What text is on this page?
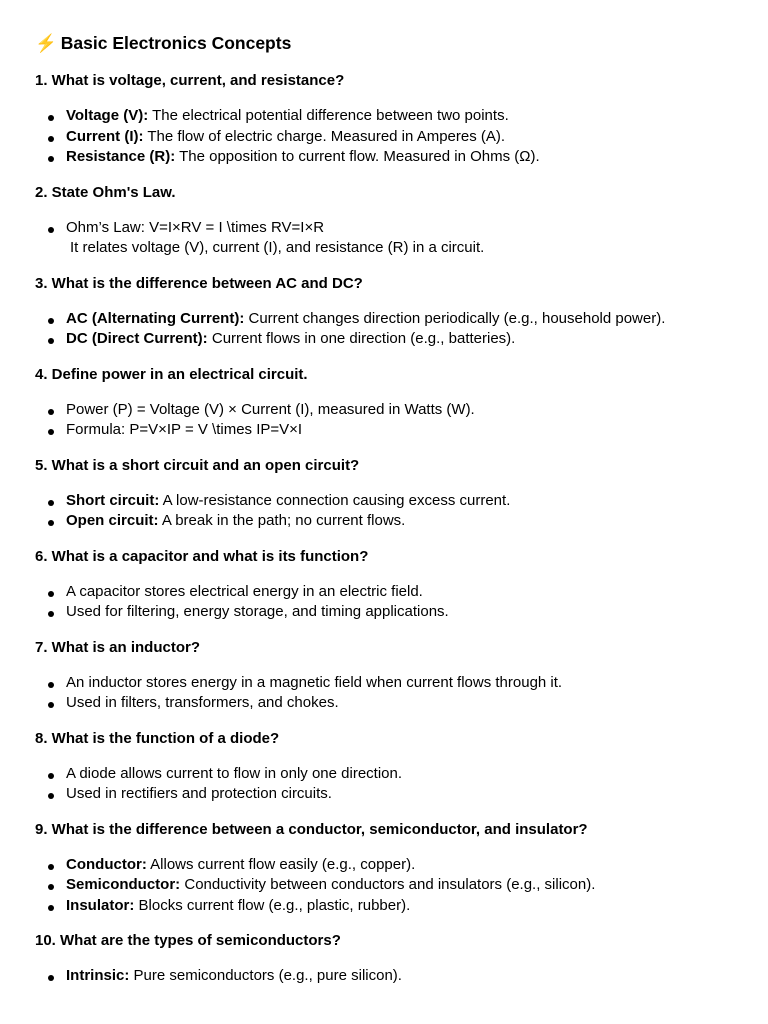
⚡ Basic Electronics Concepts
1. What is voltage, current, and resistance?
Voltage (V): The electrical potential difference between two points.
Current (I): The flow of electric charge. Measured in Amperes (A).
Resistance (R): The opposition to current flow. Measured in Ohms (Ω).
2. State Ohm's Law.
Ohm’s Law: V=I×RV = I \times RV=I×R
It relates voltage (V), current (I), and resistance (R) in a circuit.
3. What is the difference between AC and DC?
AC (Alternating Current): Current changes direction periodically (e.g., household power).
DC (Direct Current): Current flows in one direction (e.g., batteries).
4. Define power in an electrical circuit.
Power (P) = Voltage (V) × Current (I), measured in Watts (W).
Formula: P=V×IP = V \times IP=V×I
5. What is a short circuit and an open circuit?
Short circuit: A low-resistance connection causing excess current.
Open circuit: A break in the path; no current flows.
6. What is a capacitor and what is its function?
A capacitor stores electrical energy in an electric field.
Used for filtering, energy storage, and timing applications.
7. What is an inductor?
An inductor stores energy in a magnetic field when current flows through it.
Used in filters, transformers, and chokes.
8. What is the function of a diode?
A diode allows current to flow in only one direction.
Used in rectifiers and protection circuits.
9. What is the difference between a conductor, semiconductor, and insulator?
Conductor: Allows current flow easily (e.g., copper).
Semiconductor: Conductivity between conductors and insulators (e.g., silicon).
Insulator: Blocks current flow (e.g., plastic, rubber).
10. What are the types of semiconductors?
Intrinsic: Pure semiconductors (e.g., pure silicon).
